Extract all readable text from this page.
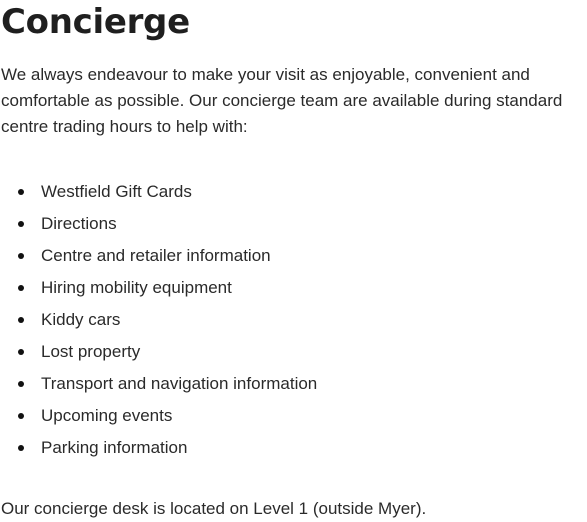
Concierge

We always endeavour to make your visit as enjoyable, convenient and comfortable as possible. Our concierge team are available during standard centre trading hours to help with:

Westfield Gift Cards
Directions
Centre and retailer information
Hiring mobility equipment
Kiddy cars
Lost property
Transport and navigation information
Upcoming events
Parking information

Our concierge desk is located on Level 1 (outside Myer).
